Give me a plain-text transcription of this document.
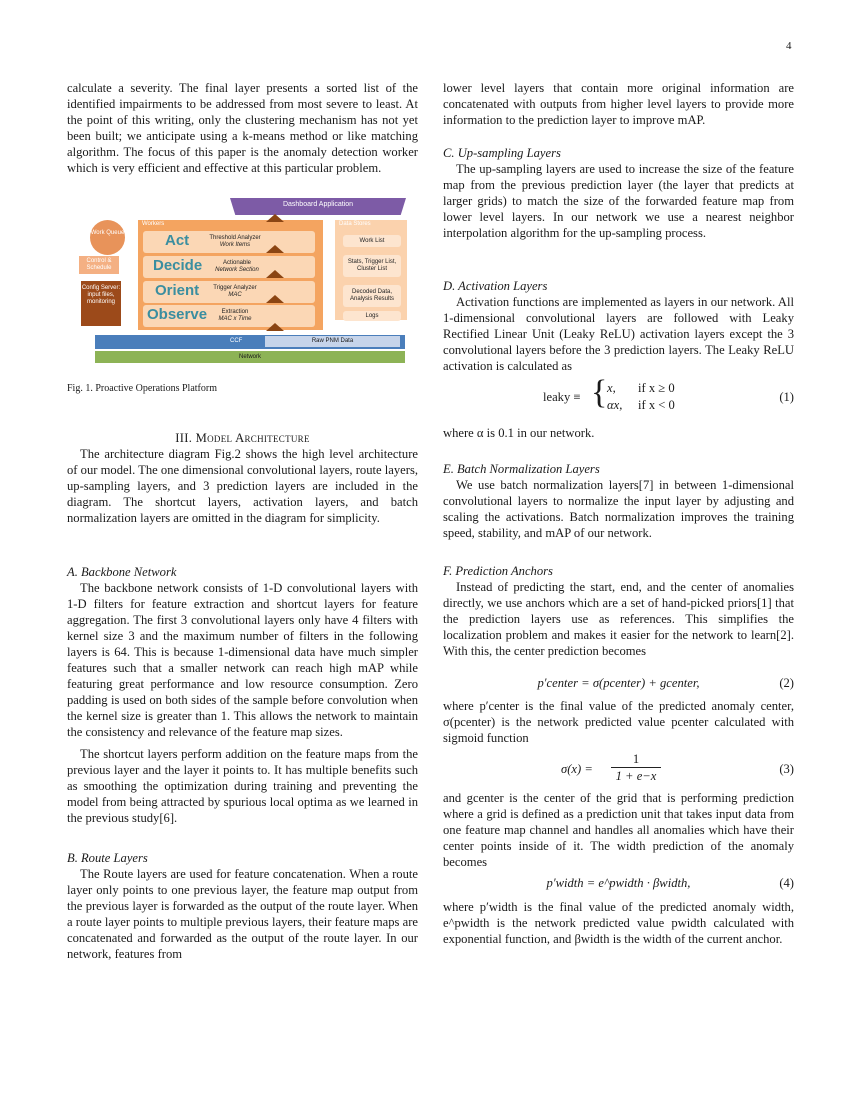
4

calculate a severity. The final layer presents a sorted list of the identified impairments to be addressed from most severe to least. At the point of this writing, only the clustering mechanism has not yet been built; we anticipate using a k-means method or like matching algorithm. The focus of this paper is the anomaly detection worker which is very efficient and effective at this particular problem.

Dashboard Application
Workers	Data Stores
Act	Threshold Analyzer
Work Items
Decide	Actionable
Network Section
Orient	Trigger Analyzer
MAC
Observe	Extraction
MAC x Time
Work Queue
Control & Schedule
Config Server: input files, monitoring
Work List
Stats, Trigger List, Cluster List
Decoded Data, Analysis Results
Logs
CCF	Raw PNM Data
Network
Fig. 1. Proactive Operations Platform
III. Model Architecture

The architecture diagram Fig.2 shows the high level architecture of our model. The one dimensional convolutional layers, route layers, up-sampling layers, and 3 prediction layers are included in the diagram. The shortcut layers, activation layers, and batch normalization layers are omitted in the diagram for simplicity.

A. Backbone Network

The backbone network consists of 1-D convolutional layers with 1-D filters for feature extraction and shortcut layers for feature aggregation. The first 3 convolutional layers only have 4 filters with kernel size 3 and the maximum number of filters in the following layers is 64. This is because 1-dimensional data have much simpler features such that a smaller network can reach high mAP while featuring great performance and low resource consumption. Zero padding is used on both sides of the sample before convolution when the kernel size is greater than 1. This allows the network to maintain the consistency and relevance of the feature map sizes.

The shortcut layers perform addition on the feature maps from the previous layer and the layer it points to. It has multiple benefits such as smoothing the optimization during training and preventing the model from being attracted by spurious local optima as we learned in the previous study[6].

B. Route Layers

The Route layers are used for feature concatenation. When a route layer only points to one previous layer, the feature map output from the previous layer is forwarded as the output of the route layer. When a route layer points to multiple previous layers, their feature maps are concatenated and forwarded as the output of the route layer. In our network, features from

lower level layers that contain more original information are concatenated with outputs from higher level layers to provide more information to the prediction layer to improve mAP.

C. Up-sampling Layers

The up-sampling layers are used to increase the size of the feature map from the previous prediction layer (the layer that predicts at larger grids) to match the size of the forwarded feature map from lower level layers. In our network we use a nearest neighbor interpolation algorithm for the up-sampling process.

D. Activation Layers

Activation functions are implemented as layers in our network. All 1-dimensional convolutional layers are followed with Leaky Rectified Linear Unit (Leaky ReLU) activation layers except the 3 convolutional layers before the 3 prediction layers. The Leaky ReLU activation is calculated as

leaky ≡ { x, if x ≥ 0
αx, if x < 0
(1)
where α is 0.1 in our network.
E. Batch Normalization Layers

We use batch normalization layers[7] in between 1-dimensional convolutional layers to normalize the input layer by adjusting and scaling the activations. Batch normalization improves the training speed, stability, and mAP of our network.

F. Prediction Anchors

Instead of predicting the start, end, and the center of anomalies directly, we use anchors which are a set of hand-picked priors[1] that the prediction layers use as references. This simplifies the localization problem and makes it easier for the network to learn[2]. With this, the center prediction becomes

p′center = σ(pcenter) + gcenter,	(2)
where p′center is the final value of the predicted anomaly center, σ(pcenter) is the network predicted value pcenter calculated with sigmoid function
σ(x) =
1
1 + e−x	(3)
and gcenter is the center of the grid that is performing prediction where a grid is defined as a prediction unit that takes input data from one feature map channel and handles all anomalies which have their center points inside of it. The width prediction of the anomaly becomes
p′width = e^pwidth · βwidth,	(4)
where p′width is the final value of the predicted anomaly width, e^pwidth is the network predicted value pwidth calculated with exponential function, and βwidth is the width of the current anchor.
